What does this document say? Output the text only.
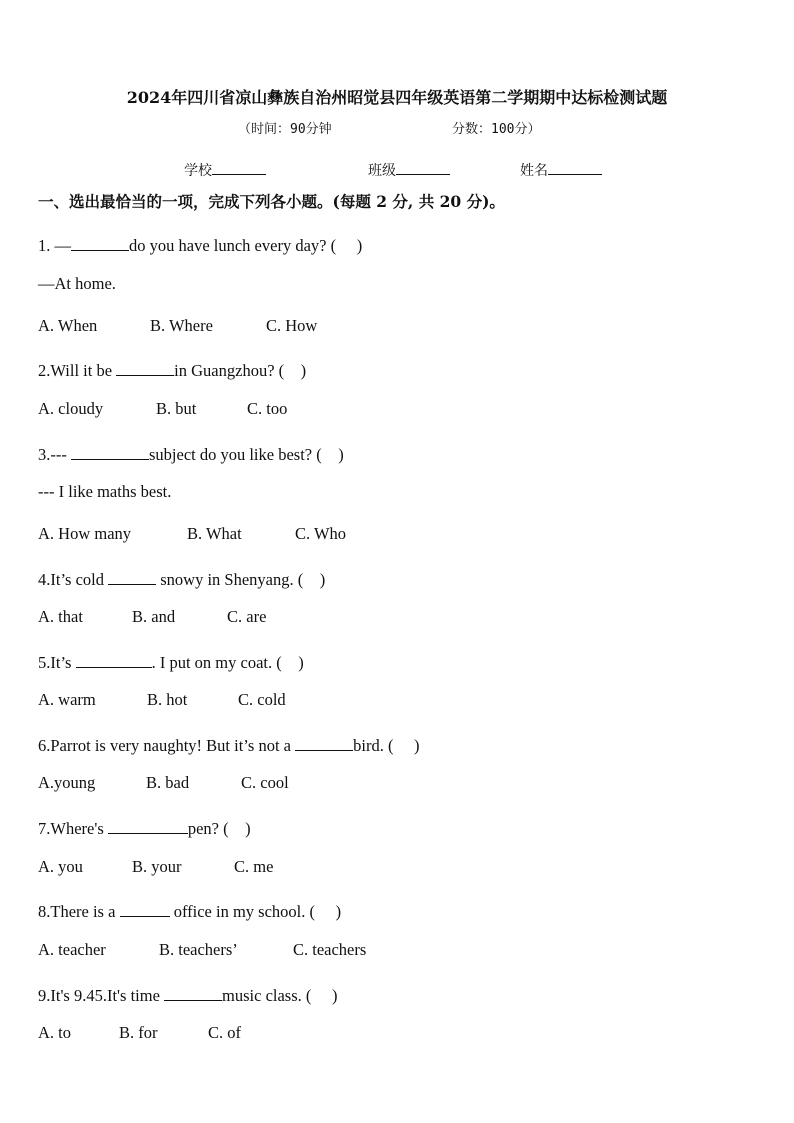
2024年四川省凉山彝族自治州昭觉县四年级英语第二学期期中达标检测试题
（时间：90分钟	分数：100分）
学校	班级	姓名
一、选出最恰当的一项，完成下列各小题。(每题 2 分, 共 20 分)。
1. —	do you have lunch every day? (　 )
—At home.
A. When	B. Where	C. How
2.Will it be	in Guangzhou? (　)
A. cloudy	B. but	C. too
3.---	subject do you like best? (　)
--- I like maths best.
A. How many	B. What	C. Who
4.It’s cold	snowy in Shenyang. (　)
A. that	B. and	C. are
5.It’s	. I put on my coat. (　)
A. warm	B. hot	C. cold
6.Parrot is very naughty! But it’s not a	bird. (　 )
A.young	B. bad	C. cool
7.Where's	pen? (　)
A. you	B. your	C. me
8.There is a	office in my school. (　 )
A. teacher	B. teachers’	C. teachers
9.It's 9.45.It's time	music class. (　 )
A. to	B. for	C. of
